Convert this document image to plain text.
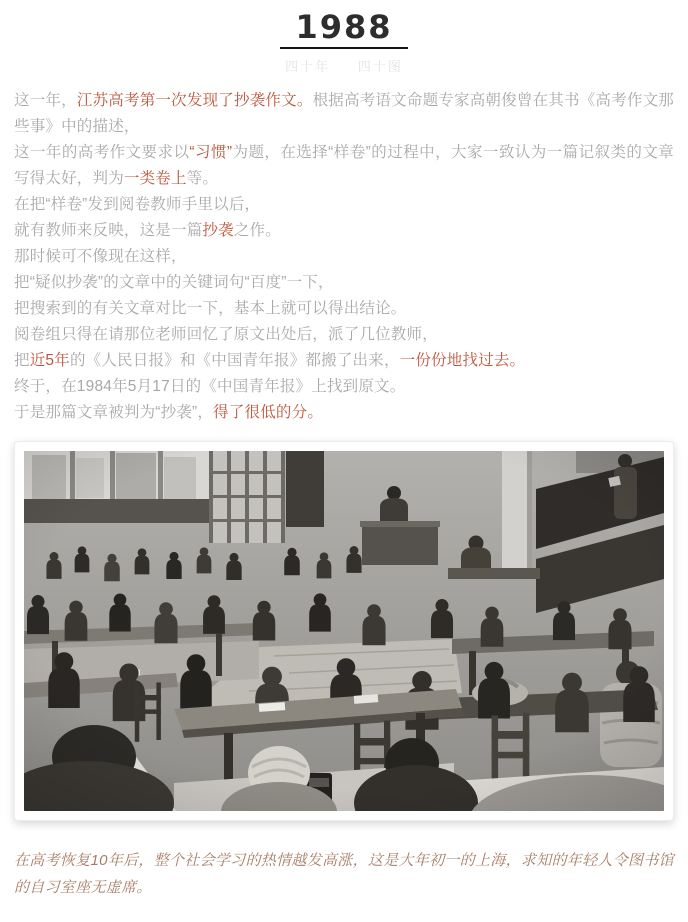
1988
四十年 四十图
这一年，江苏高考第一次发现了抄袭作文。根据高考语文命题专家高朝俊曾在其书《高考作文那些事》中的描述，
这一年的高考作文要求以“习惯”为题，在选择“样卷”的过程中，大家一致认为一篇记叙类的文章写得太好，判为一类卷上等。
在把“样卷”发到阅卷教师手里以后，
就有教师来反映，这是一篇抄袭之作。
那时候可不像现在这样，
把“疑似抄袭”的文章中的关键词句“百度”一下，
把搜索到的有关文章对比一下，基本上就可以得出结论。
阅卷组只得在请那位老师回忆了原文出处后，派了几位教师，
把近5年的《人民日报》和《中国青年报》都搬了出来，一份份地找过去。
终于，在1984年5月17日的《中国青年报》上找到原文。
于是那篇文章被判为“抄袭”，得了很低的分。

在高考恢复10年后，整个社会学习的热情越发高涨，这是大年初一的上海，求知的年轻人令图书馆的自习室座无虚席。
